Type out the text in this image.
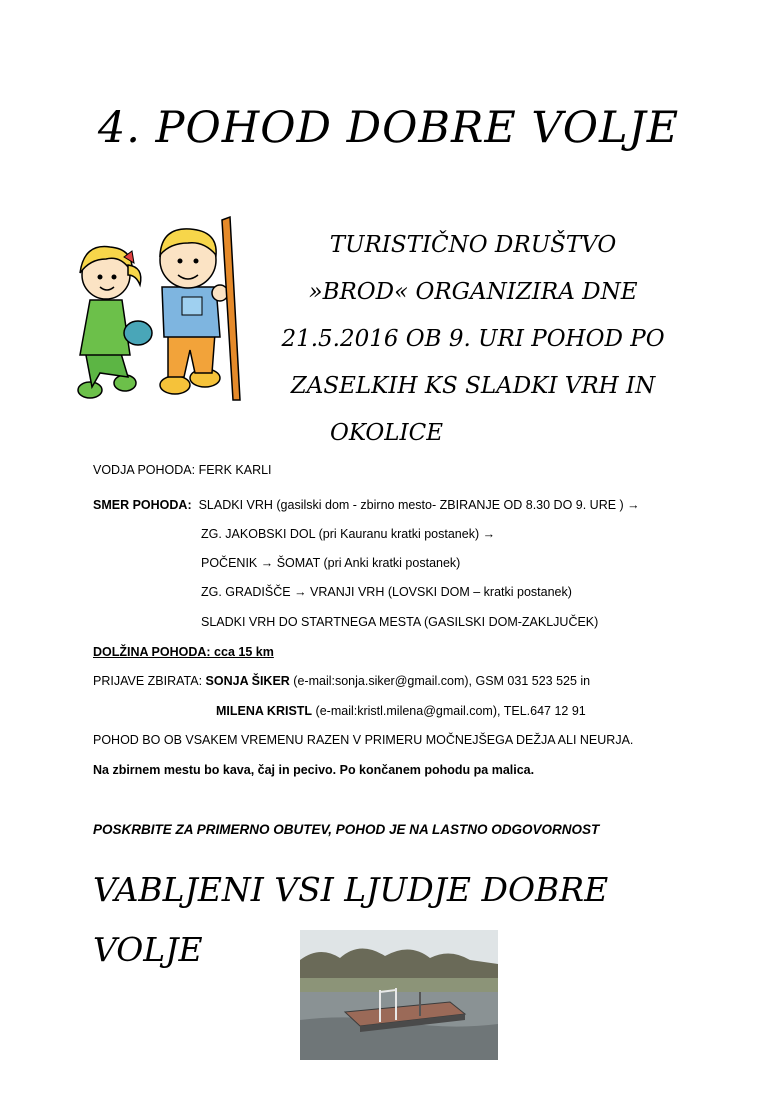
4. POHOD DOBRE VOLJE
TURISTIČNO DRUŠTVO
»BROD« ORGANIZIRA DNE
21.5.2016 OB 9. URI POHOD PO
ZASELKIH KS SLADKI VRH IN
OKOLICE
VODJA POHODA: FERK KARLI
SMER POHODA: SLADKI VRH (gasilski dom - zbirno mesto- ZBIRANJE OD 8.30 DO 9. URE ) →
ZG. JAKOBSKI DOL (pri Kauranu kratki postanek) →
POČENIK → ŠOMAT (pri Anki kratki postanek)
ZG. GRADIŠČE → VRANJI VRH (LOVSKI DOM – kratki postanek)
SLADKI VRH DO STARTNEGA MESTA (GASILSKI DOM-ZAKLJUČEK)
DOLŽINA POHODA: cca 15 km
PRIJAVE ZBIRATA: SONJA ŠIKER (e-mail:sonja.siker@gmail.com), GSM 031 523 525 in
MILENA KRISTL (e-mail:kristl.milena@gmail.com), TEL.647 12 91
POHOD BO OB VSAKEM VREMENU RAZEN V PRIMERU MOČNEJŠEGA DEŽJA ALI NEURJA.
Na zbirnem mestu bo kava, čaj in pecivo. Po končanem pohodu pa malica.
POSKRBITE ZA PRIMERNO OBUTEV, POHOD JE NA LASTNO ODGOVORNOST
VABLJENI VSI LJUDJE DOBRE
VOLJE
